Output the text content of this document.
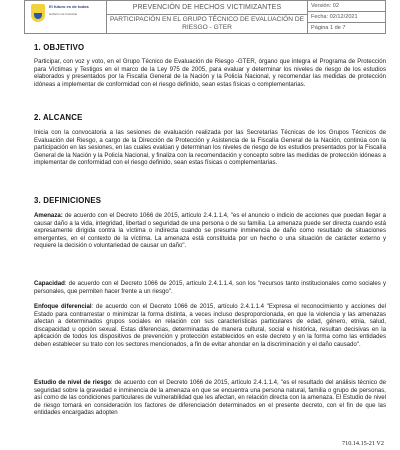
El futuro es de todos
Gobierno de Colombia
PREVENCIÓN DE HECHOS VICTIMIZANTES
PARTICIPACIÓN EN EL GRUPO TÉCNICO DE EVALUACIÓN DE RIESGO - GTER
Versión: 02
Fecha: 02/12/2021
Página 1 de 7
1. OBJETIVO
Participar, con voz y voto, en el Grupo Técnico de Evaluación de Riesgo -GTER, órgano que integra el Programa de Protección para Víctimas y Testigos en el marco de la Ley 975 de 2005, para evaluar y determinar los niveles de riesgo de los estudios elaborados y presentados por la Fiscalía General de la Nación y la Policía Nacional, y recomendar las medidas de protección idóneas a implementar de conformidad con el riesgo definido, sean estas físicas o complementarias.
2. ALCANCE
Inicia con la convocatoria a las sesiones de evaluación realizada por las Secretarías Técnicas de los Grupos Técnicos de Evaluación del Riesgo, a cargo de la Dirección de Protección y Asistencia de la Fiscalía General de la Nación, continúa con la participación en las sesiones, en las cuales evalúan y determinan los niveles de riesgo de los estudios presentados por la Fiscalía General de la Nación y la Policía Nacional, y finaliza con la recomendación y concepto sobre las medidas de protección idóneas a implementar de conformidad con el riesgo definido, sean estas físicas o complementarias.
3. DEFINICIONES
Amenaza: de acuerdo con el Decreto 1066 de 2015, artículo 2.4.1.1.4, "es el anuncio o indicio de acciones que puedan llegar a causar daño a la vida, integridad, libertad o seguridad de una persona o de su familia. La amenaza puede ser directa cuando está expresamente dirigida contra la víctima o indirecta cuando se presume inminencia de daño como resultado de situaciones emergentes, en el contexto de la víctima. La amenaza está constituida por un hecho o una situación de carácter externo y requiere la decisión o voluntariedad de causar un daño".
Capacidad: de acuerdo con el Decreto 1066 de 2015, artículo 2.4.1.1.4, son los "recursos tanto institucionales como sociales y personales, que permiten hacer frente a un riesgo".
Enfoque diferencial: de acuerdo con el Decreto 1066 de 2015, artículo 2.4.1.1.4 "Expresa el reconocimiento y acciones del Estado para contrarrestar o minimizar la forma distinta, a veces incluso desproporcionada, en que la violencia y las amenazas afectan a determinados grupos sociales en relación con sus características particulares de edad, género, etnia, salud, discapacidad u opción sexual. Estas diferencias, determinadas de manera cultural, social e histórica, resultan decisivas en la aplicación de todos los dispositivos de prevención y protección establecidos en este decreto y en la forma como las entidades deben establecer su trato con los sectores mencionados, a fin de evitar ahondar en la discriminación y el daño causado".
Estudio de nivel de riesgo: de acuerdo con el Decreto 1066 de 2015, artículo 2.4.1.1.4, "es el resultado del análisis técnico de seguridad sobre la gravedad e inminencia de la amenaza en que se encuentra una persona natural, familia o grupo de personas, así como de las condiciones particulares de vulnerabilidad que les afectan, en relación directa con la amenaza. El Estudio de nivel de riesgo tomará en consideración los factores de diferenciación determinados en el presente decreto, con el fin de que las entidades encargadas adopten
710.14.15-21 V2
